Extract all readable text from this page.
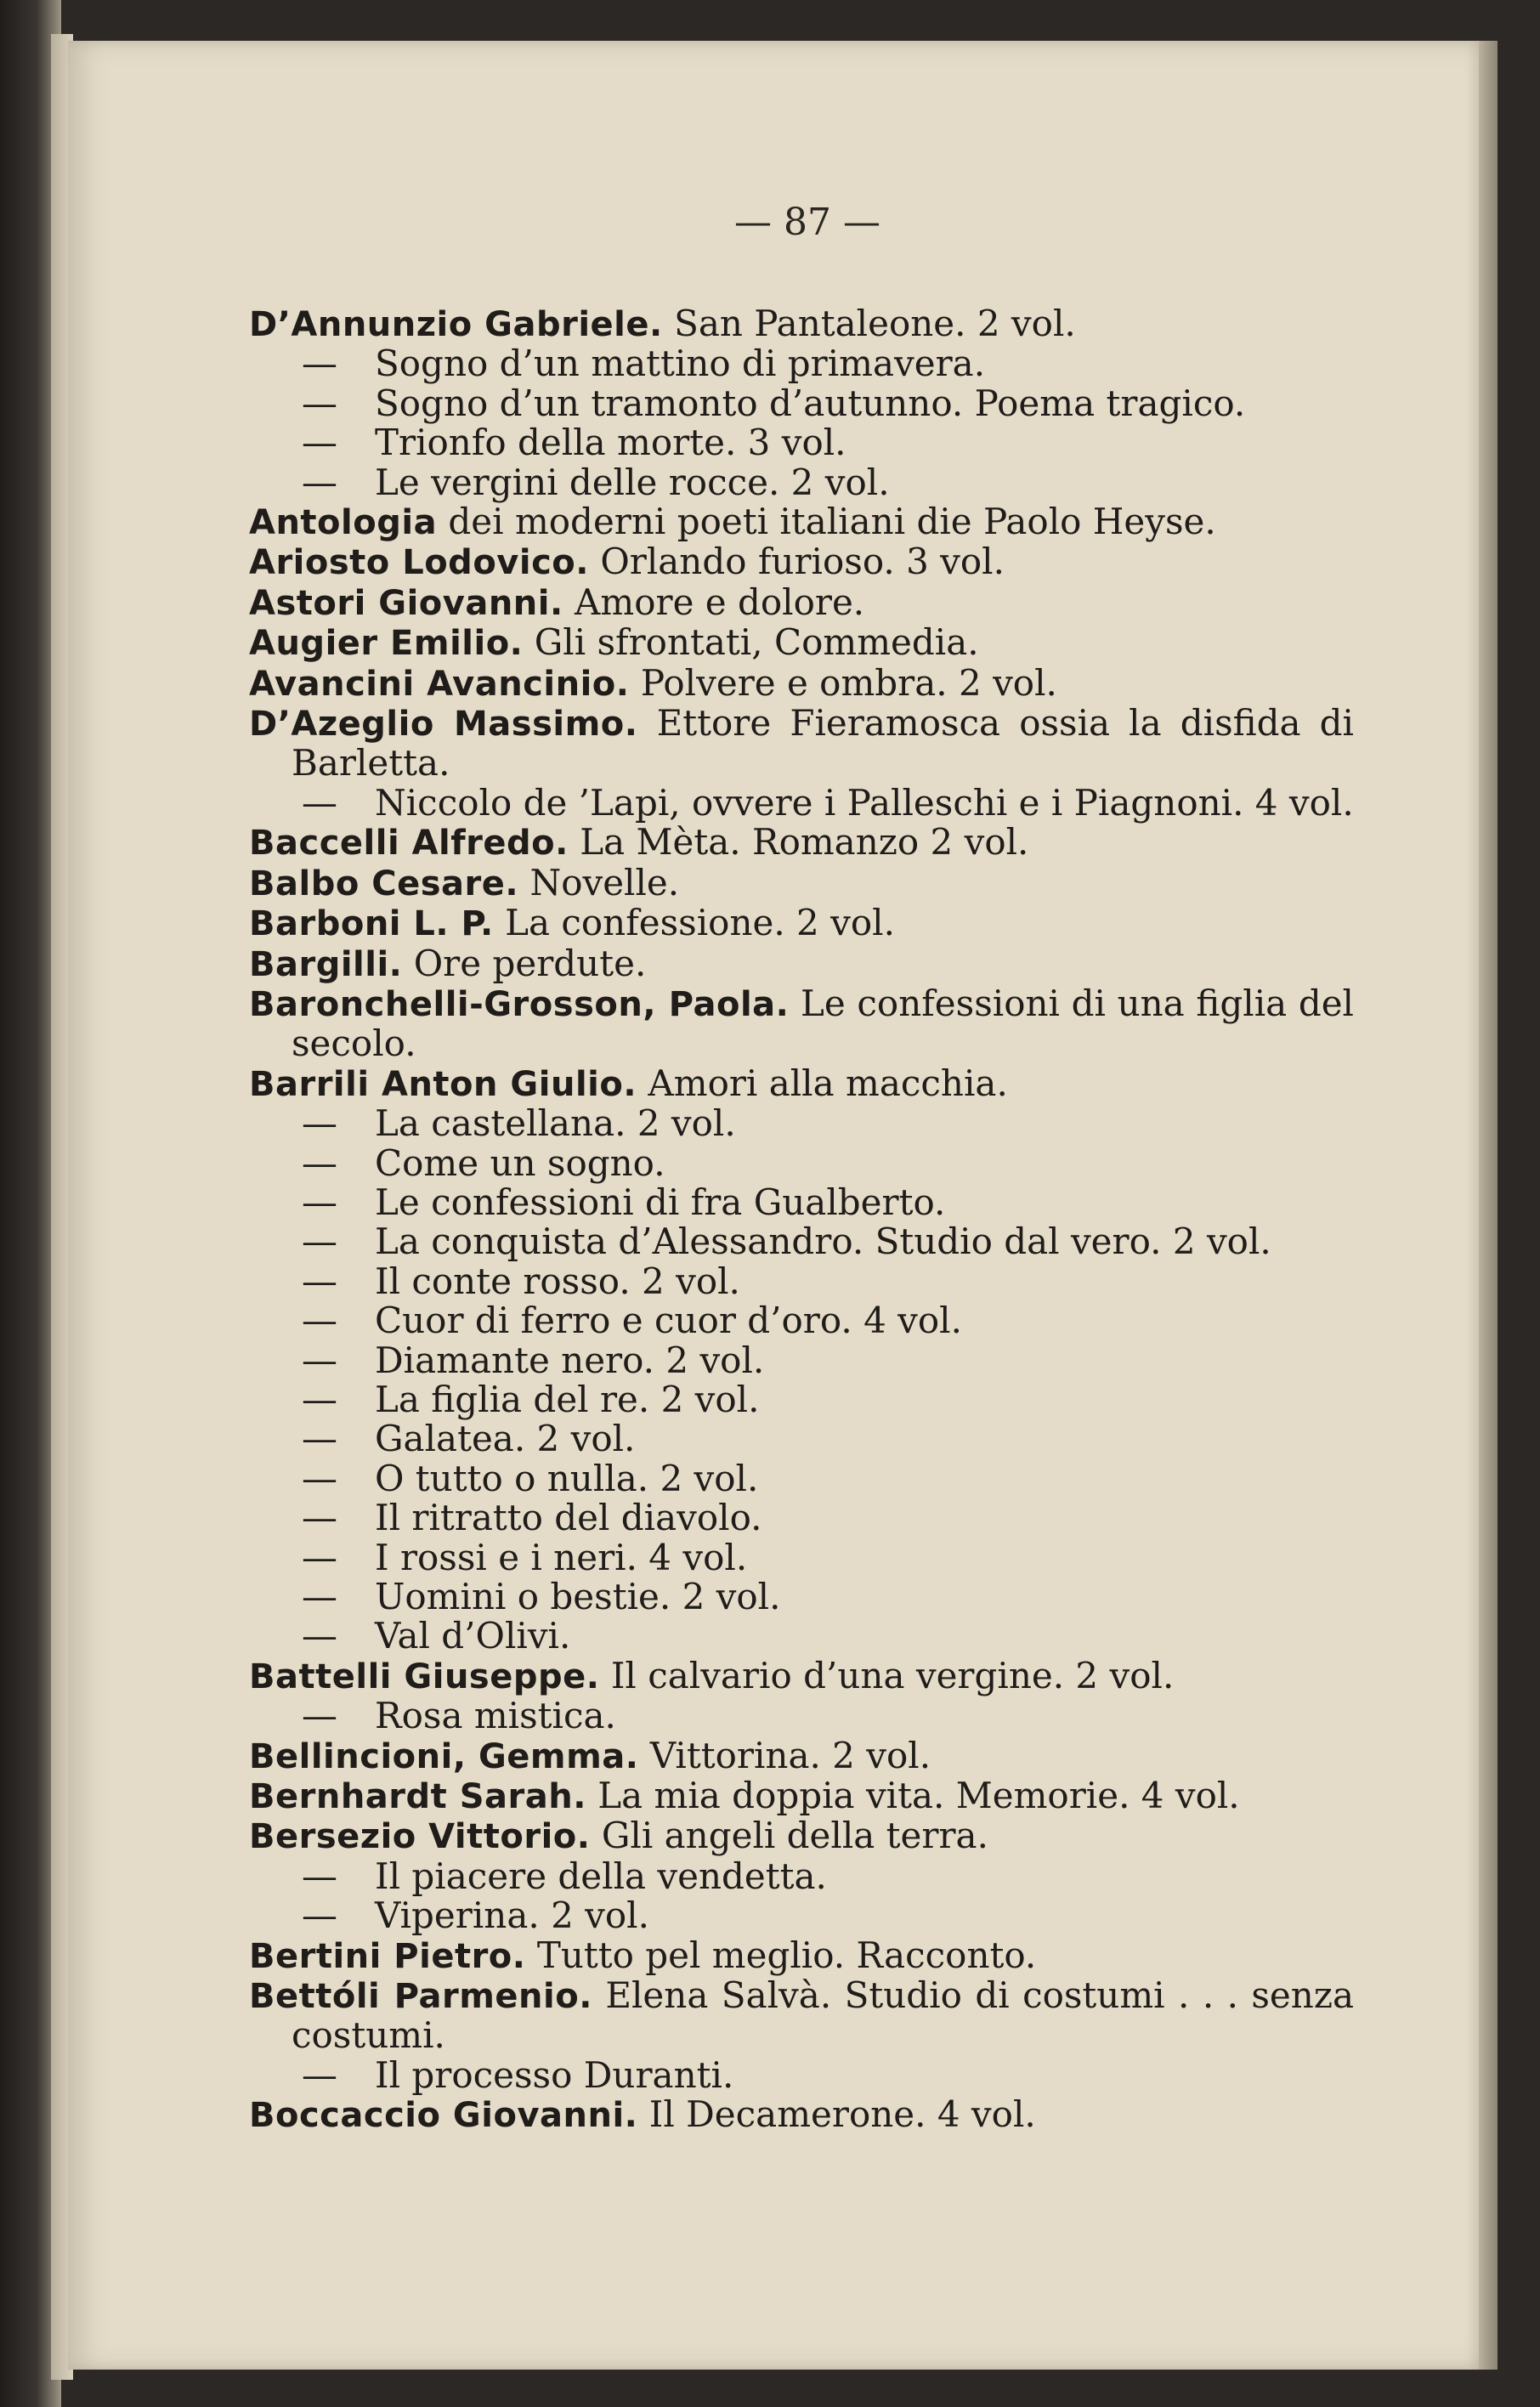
— 87 —

D’Annunzio Gabriele. San Pantaleone. 2 vol.

— Sogno d’un mattino di primavera.

— Sogno d’un tramonto d’autunno. Poema tragico.

— Trionfo della morte. 3 vol.

— Le vergini delle rocce. 2 vol.

Antologia dei moderni poeti italiani die Paolo Heyse.

Ariosto Lodovico. Orlando furioso. 3 vol.

Astori Giovanni. Amore e dolore.

Augier Emilio. Gli sfrontati, Commedia.

Avancini Avancinio. Polvere e ombra. 2 vol.

D’Azeglio Massimo. Ettore Fieramosca ossia la disfida di Barletta.

— Niccolo de ’Lapi, ovvere i Palleschi e i Piagnoni. 4 vol.

Baccelli Alfredo. La Mèta. Romanzo 2 vol.

Balbo Cesare. Novelle.

Barboni L. P. La confessione. 2 vol.

Bargilli. Ore perdute.

Baronchelli-Grosson, Paola. Le confessioni di una figlia del secolo.

Barrili Anton Giulio. Amori alla macchia.

— La castellana. 2 vol.

— Come un sogno.

— Le confessioni di fra Gualberto.

— La conquista d’Alessandro. Studio dal vero. 2 vol.

— Il conte rosso. 2 vol.

— Cuor di ferro e cuor d’oro. 4 vol.

— Diamante nero. 2 vol.

— La figlia del re. 2 vol.

— Galatea. 2 vol.

— O tutto o nulla. 2 vol.

— Il ritratto del diavolo.

— I rossi e i neri. 4 vol.

— Uomini o bestie. 2 vol.

— Val d’Olivi.

Battelli Giuseppe. Il calvario d’una vergine. 2 vol.

— Rosa mistica.

Bellincioni, Gemma. Vittorina. 2 vol.

Bernhardt Sarah. La mia doppia vita. Memorie. 4 vol.

Bersezio Vittorio. Gli angeli della terra.

— Il piacere della vendetta.

— Viperina. 2 vol.

Bertini Pietro. Tutto pel meglio. Racconto.

Bettóli Parmenio. Elena Salvà. Studio di costumi . . . senza costumi.

— Il processo Duranti.

Boccaccio Giovanni. Il Decamerone. 4 vol.
